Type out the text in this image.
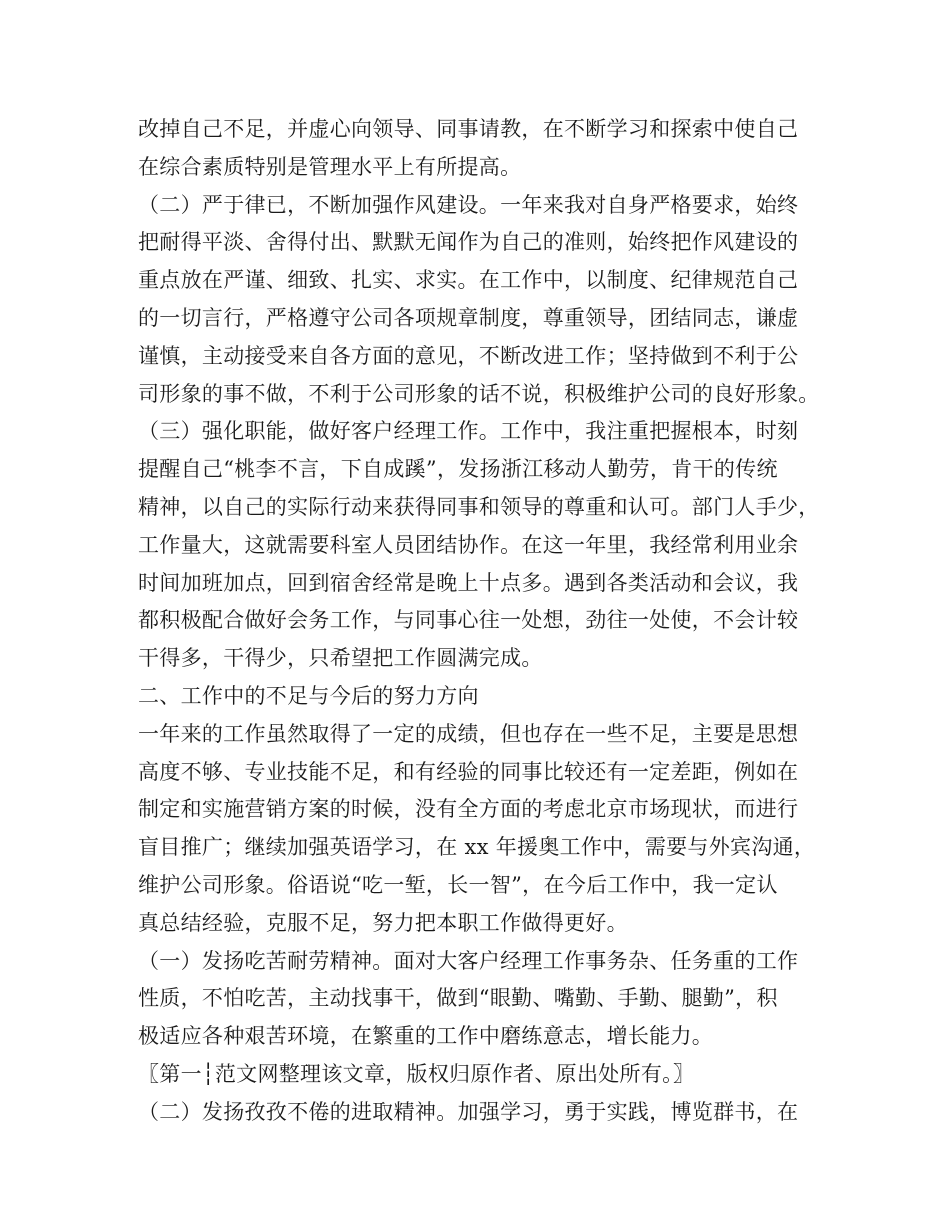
改掉自己不足，并虚心向领导、同事请教，在不断学习和探索中使自己
在综合素质特别是管理水平上有所提高。
（二）严于律已，不断加强作风建设。一年来我对自身严格要求，始终
把耐得平淡、舍得付出、默默无闻作为自己的准则，始终把作风建设的
重点放在严谨、细致、扎实、求实。在工作中，以制度、纪律规范自己
的一切言行，严格遵守公司各项规章制度，尊重领导，团结同志，谦虚
谨慎，主动接受来自各方面的意见，不断改进工作；坚持做到不利于公
司形象的事不做，不利于公司形象的话不说，积极维护公司的良好形象。
（三）强化职能，做好客户经理工作。工作中，我注重把握根本，时刻
提醒自己“桃李不言，下自成蹊”，发扬浙江移动人勤劳，肯干的传统
精神，以自己的实际行动来获得同事和领导的尊重和认可。部门人手少，
工作量大，这就需要科室人员团结协作。在这一年里，我经常利用业余
时间加班加点，回到宿舍经常是晚上十点多。遇到各类活动和会议，我
都积极配合做好会务工作，与同事心往一处想，劲往一处使，不会计较
干得多，干得少，只希望把工作圆满完成。
二、工作中的不足与今后的努力方向
一年来的工作虽然取得了一定的成绩，但也存在一些不足，主要是思想
高度不够、专业技能不足，和有经验的同事比较还有一定差距，例如在
制定和实施营销方案的时候，没有全方面的考虑北京市场现状，而进行
盲目推广；继续加强英语学习，在 xx 年援奥工作中，需要与外宾沟通，
维护公司形象。俗语说“吃一堑，长一智”，在今后工作中，我一定认
真总结经验，克服不足，努力把本职工作做得更好。
（一）发扬吃苦耐劳精神。面对大客户经理工作事务杂、任务重的工作
性质，不怕吃苦，主动找事干，做到“眼勤、嘴勤、手勤、腿勤”，积
极适应各种艰苦环境，在繁重的工作中磨练意志，增长能力。
〖第一┆范文网整理该文章，版权归原作者、原出处所有。〗
（二）发扬孜孜不倦的进取精神。加强学习，勇于实践，博览群书，在
